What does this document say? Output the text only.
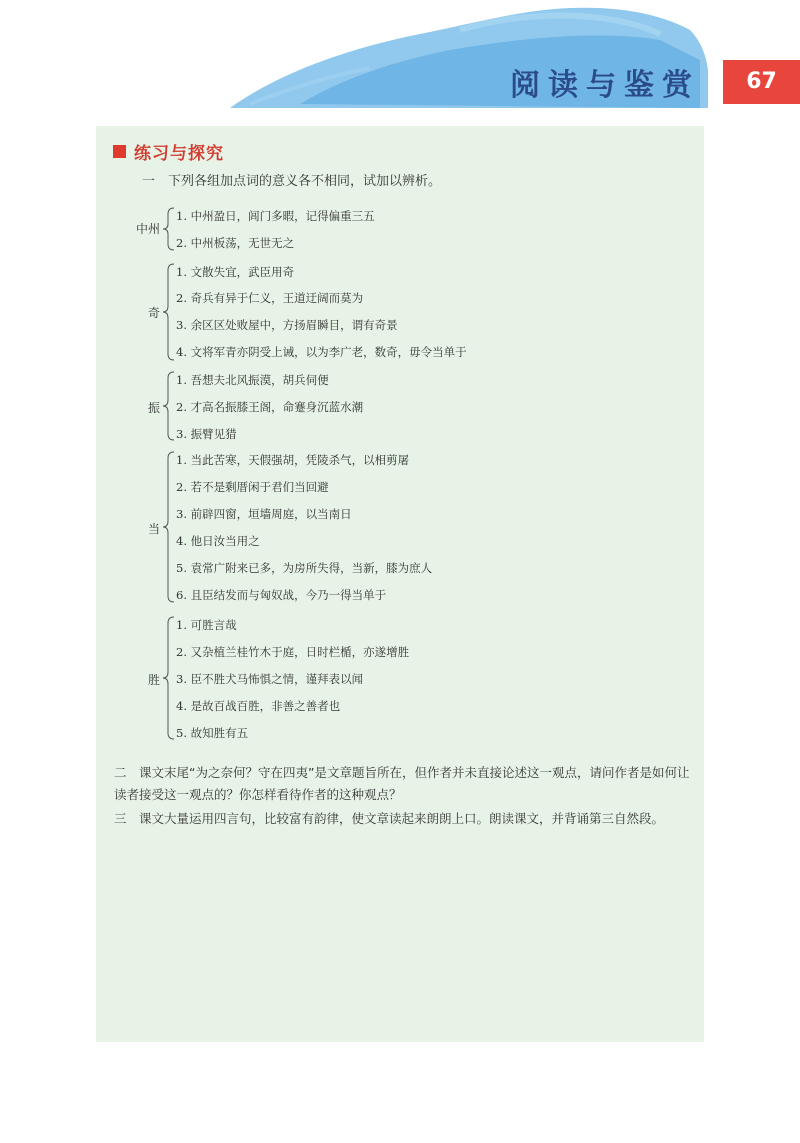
阅读与鉴赏	67
练习与探究
一　下列各组加点词的意义各不相同，试加以辨析。
中州
1. 中州盈日，闾门多暇，记得偏重三五
2. 中州板荡，无世无之
奇
1. 文散失宜，武臣用奇
2. 奇兵有异于仁义，王道迂阔而莫为
3. 余区区处败屋中，方扬眉瞬目，谓有奇景
4. 文将军青亦阴受上诫，以为李广老，数奇，毋令当单于
振
1. 吾想夫北风振漠，胡兵伺便
2. 才高名振膝王阁，命蹇身沉蓝水潮
3. 振臂见猎
当
1. 当此苦寒，天假强胡，凭陵杀气，以相剪屠
2. 若不是剩厝闲于君们当回避
3. 前辟四窗，垣墙周庭，以当南日
4. 他日汝当用之
5. 袁常广附来已多，为房所失得，当新，膝为庶人
6. 且臣结发而与匈奴战，今乃一得当单于
胜
1. 可胜言哉
2. 又杂植兰桂竹木于庭，日时栏楯，亦遂增胜
3. 臣不胜犬马怖惧之情，谨拜表以闻
4. 是故百战百胜，非善之善者也
5. 故知胜有五
二　课文末尾“为之奈何？守在四夷”是文章题旨所在，但作者并未直接论述这一观点，请问作者是如何让读者接受这一观点的？你怎样看待作者的这种观点？
三　课文大量运用四言句，比较富有韵律，使文章读起来朗朗上口。朗读课文，并背诵第三自然段。
